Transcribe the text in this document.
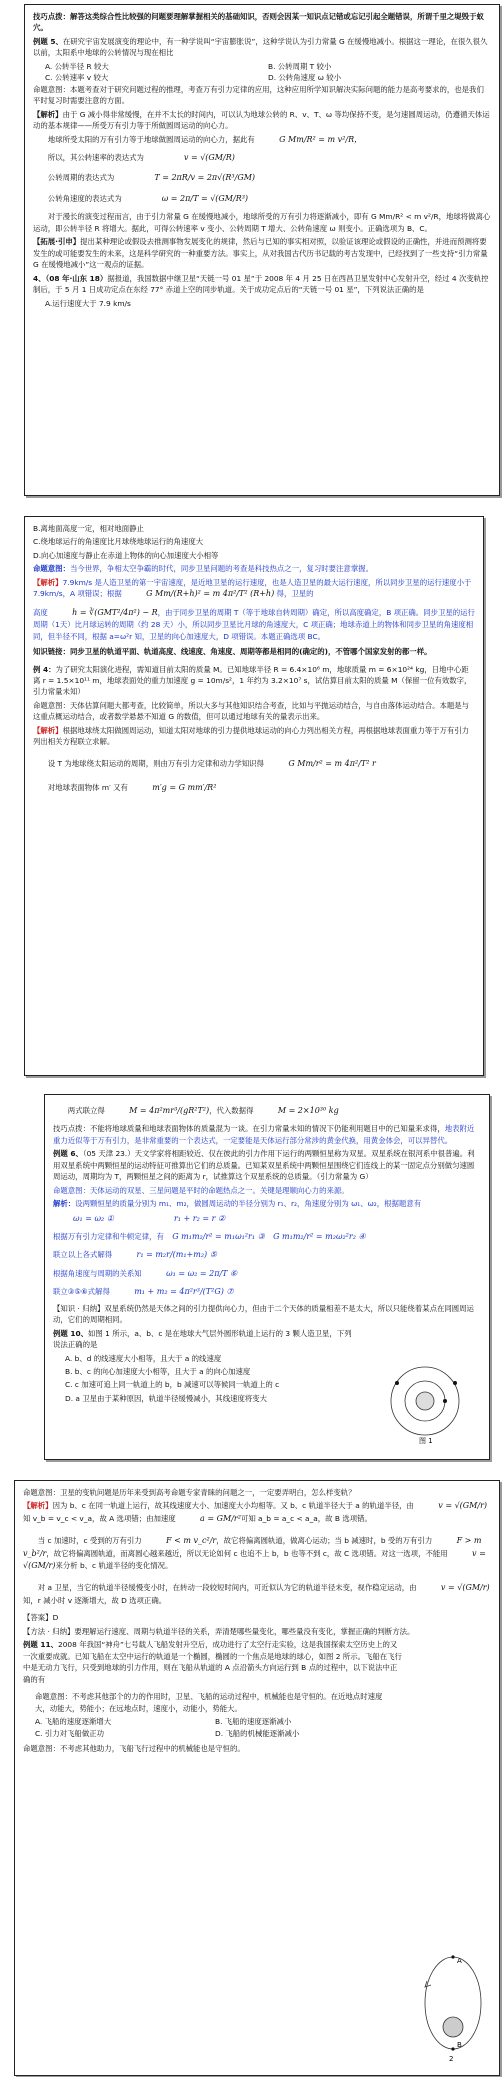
技巧点拨：解答这类综合性比较强的问题要理解掌握相关的基础知识，否则会因某一知识点记错或忘记引起全题错误，所谓千里之堤毁于蚁穴。

例题 5、在研究宇宙发展演变的理论中，有一种学说叫“宇宙膨胀说”，这种学说认为引力常量 G 在缓慢地减小。根据这一理论，在很久很久以前，太阳系中地球的公转情况与现在相比

A. 公转半径 R 较大	B. 公转周期 T 较小
C. 公转速率 v 较大	D. 公转角速度 ω 较小

命题意图：本题考查对于研究问题过程的推理，考查万有引力定律的应用，这种应用所学知识解决实际问题的能力是高考要求的，也是我们平时复习时需要注意的方面。

【解析】由于 G 减小得非常缓慢，在并不太长的时间内，可以认为地球公转的 R、v、T、ω 等均保持不变，是匀速圆周运动，仍遵循天体运动的基本规律——所受万有引力等于所做圆周运动的向心力。

地球所受太阳的万有引力等于地球做圆周运动的向心力，据此有	G Mm/R² = m v²/R，

所以，其公转速率的表达式为	v = √(GM/R)

公转周期的表达式为	T = 2πR/v = 2π√(R³/GM)

公转角速度的表达式为	ω = 2π/T = √(GM/R³)

对于漫长的演变过程而言，由于引力常量 G 在缓慢地减小，地球所受的万有引力将逐渐减小，即有 G Mm/R² < m v²/R，地球将做离心运动，即公转半径 R 将增大。据此，可得公转速率 v 变小、公转周期 T 增大、公转角速度 ω 则变小。正确选项为 B、C。

【拓展·引申】提出某种理论或假设去推测事物发展变化的规律，然后与已知的事实相对照，以验证该理论或假设的正确性，并进而预测将要发生的或可能要发生的未来，这是科学研究的一种重要方法。事实上，从对我国古代历书记载的考古发现中，已经找到了一些支持“引力常量 G 在缓慢地减小”这一观点的证据。

4、（08 年·山东 18）据报道，我国数据中继卫星“天链一号 01 星”于 2008 年 4 月 25 日在西昌卫星发射中心发射升空，经过 4 次变轨控制后，于 5 月 1 日成功定点在东经 77° 赤道上空的同步轨道。关于成功定点后的“天链一号 01 星”，下列说法正确的是

A.运行速度大于 7.9 km/s

B.离地面高度一定，相对地面静止

C.绕地球运行的角速度比月球绕地球运行的角速度大

D.向心加速度与静止在赤道上物体的向心加速度大小相等

命题意图：当今世界，争相太空争霸的时代，同步卫星问题的考查是科技热点之一，复习时要注意掌握。

【解析】7.9km/s 是人造卫星的第一宇宙速度，是近地卫星的运行速度，也是人造卫星的最大运行速度，所以同步卫星的运行速度小于 7.9km/s，A 项错误；根据	G Mm/(R+h)² = m 4π²/T² (R+h) 得，卫星的

高度	h = ∛(GMT²/4π²) − R，由于同步卫星的周期 T（等于地球自转周期）确定，所以高度确定，B 项正确。同步卫星的运行周期（1天）比月球运转的周期（约 28 天）小，所以同步卫星比月球的角速度大，C 项正确；地球赤道上的物体和同步卫星的角速度相同，但半径不同，根据 a=ω²r 知，卫星的向心加速度大，D 项错误。本题正确选项 BC。

知识链接：同步卫星的轨道平面、轨道高度、线速度、角速度、周期等都是相同的(确定的)，不管哪个国家发射的都一样。

例 4：为了研究太阳演化进程，需知道目前太阳的质量 M。已知地球半径 R = 6.4×10⁶ m，地球质量 m = 6×10²⁴ kg，日地中心距离 r = 1.5×10¹¹ m，地球表面处的重力加速度 g = 10m/s²，1 年约为 3.2×10⁷ s，试估算目前太阳的质量 M（保留一位有效数字，引力常量未知）

命题意图：天体估算问题大都考查，比较简单，所以大多与其他知识结合考查，比如与平抛运动结合，与自由落体运动结合。本题是与这重点概运动结合，或者数学悬悬不知道 G 的数值，但可以通过地球有关的量表示出来。

【解析】根据地球绕太阳做圆周运动，知道太阳对地球的引力提供地球运动的向心力列出相关方程，再根据地球表面重力等于万有引力列出相关方程联立求解。

设 T 为地球绕太阳运动的周期，则由万有引力定律和动力学知识得	G Mm/r² = m 4π²/T² r

对地球表面物体 m′ 又有	m′g = G mm′/R²

两式联立得	M = 4π²mr³/(gR²T²)，代入数据得	M = 2×10³⁰ kg

技巧点拨：不能将地球质量和地球表面物体的质量混为一谈。在引力常量未知的情况下仍能利用题目中的已知量来求得，地表附近重力近似等于万有引力，是非常重要的一个表达式，一定要能是天体运行部分常涉的黄金代换，用黄金体会，可以异替代。

例题 6、（05 天津 23.）天文学家将相距较近、仅在彼此的引力作用下运行的两颗恒星称为双星。双星系统在银河系中很普遍。利用双星系统中两颗恒星的运动特征可推算出它们的总质量。已知某双星系统中两颗恒星围绕它们连线上的某一固定点分别做匀速圆周运动，周期均为 T，两颗恒星之间的距离为 r，试推算这个双星系统的总质量。（引力常量为 G）

命题意图：天体运动的双星、三星问题是平时的命题热点之一。关键是理顺向心力的来源。

解析：设两颗恒星的质量分别为 m₁、m₂，做圆周运动的半径分别为 r₁、r₂，角速度分别为 ω₁、ω₂，根据题意有

ω₁ = ω₂ ①	r₁ + r₂ = r ②

根据万有引力定律和牛顿定律，有 G m₁m₂/r² = m₁ω₁²r₁ ③ G m₁m₂/r² = m₂ω₂²r₂ ④

联立以上各式解得	r₁ = m₂r/(m₁+m₂) ⑤

根据角速度与周期的关系知	ω₁ = ω₂ = 2π/T ⑥

联立③⑤⑥式解得	m₁ + m₂ = 4π²r³/(T²G) ⑦

【知识 · 归纳】双星系统仍然是天体之间的引力提供向心力，但由于二个天体的质量相差不是太大，所以只能绕着某点在同圆周运动，它们的周期相同。

例题 10、如图 1 所示，a、b、c 是在地球大气层外圆形轨道上运行的 3 颗人造卫星，下列说法正确的是

A. b、d 的线速度大小相等，且大于 a 的线速度

B. b、c 的向心加速度大小相等，且大于 a 的向心加速度

C. c 加速可追上同一轨道上的 b，b 减速可以等候同一轨道上的 c

D. a 卫星由于某种原因，轨道半径缓慢减小，其线速度将变大

图 1

命题意图：卫星的变轨问题是历年来受到高考命题专家青睐的问题之一，一定要弄明白，怎么样变轨？

【解析】因为 b、c 在同一轨道上运行，故其线速度大小、加速度大小均相等。又 b、c 轨道半径大于 a 的轨道半径，由	v = √(GM/r) 知 v_b = v_c < v_a，故 A 选项错；由加速度	a = GM/r²可知 a_b = a_c < a_a，故 B 选项错。

当 c 加速时，c 受到的万有引力	F < m v_c²/r，故它将偏离圆轨道，做离心运动；当 b 减速时，b 受的万有引力	F > m v_b²/r，故它将偏离圆轨道，而离圆心越来越近，所以无论如何 c 也追不上 b，b 也等不到 c，故 C 选项错。对这一选项，不能用	v = √(GM/r)来分析 b、c 轨道半径的变化情况。

对 a 卫星，当它的轨道半径缓慢变小时，在转动一段较短时间内，可近似认为它的轨道半径未变，视作稳定运动，由	v = √(GM/r)知，r 减小时 v 逐渐增大，故 D 选项正确。

【答案】D

【方法 · 归纳】要理解运行速度、周期与轨道半径的关系，弄清楚哪些量变化，哪些量没有变化，掌握正确的判断方法。

例题 11、2008 年我国“神舟”七号载人飞船发射升空后，成功进行了太空行走实验，这是我国探索太空历史上的又一次重要成就。已知飞船在太空中运行的轨道是一个椭圆，椭圆的一个焦点是地球的球心，如图 2 所示。飞船在飞行中是无动力飞行，只受到地球的引力作用，则在飞船从轨道的 A 点沿箭头方向运行到 B 点的过程中，以下说法中正确的有

命题意图：不考虑其他部个的力的作用时，卫星、飞船的运动过程中，机械能也是守恒的。在近地点时速度大，动能大，势能小；在远地点时，速度小，动能小，势能大。

A. 飞船的速度逐渐增大	B. 飞船的速度逐渐减小
C. 引力对飞船做正功	D. 飞船的机械能逐渐减小

命题意图：不考虑其他助力，飞船飞行过程中的机械能也是守恒的。

A
B
2
